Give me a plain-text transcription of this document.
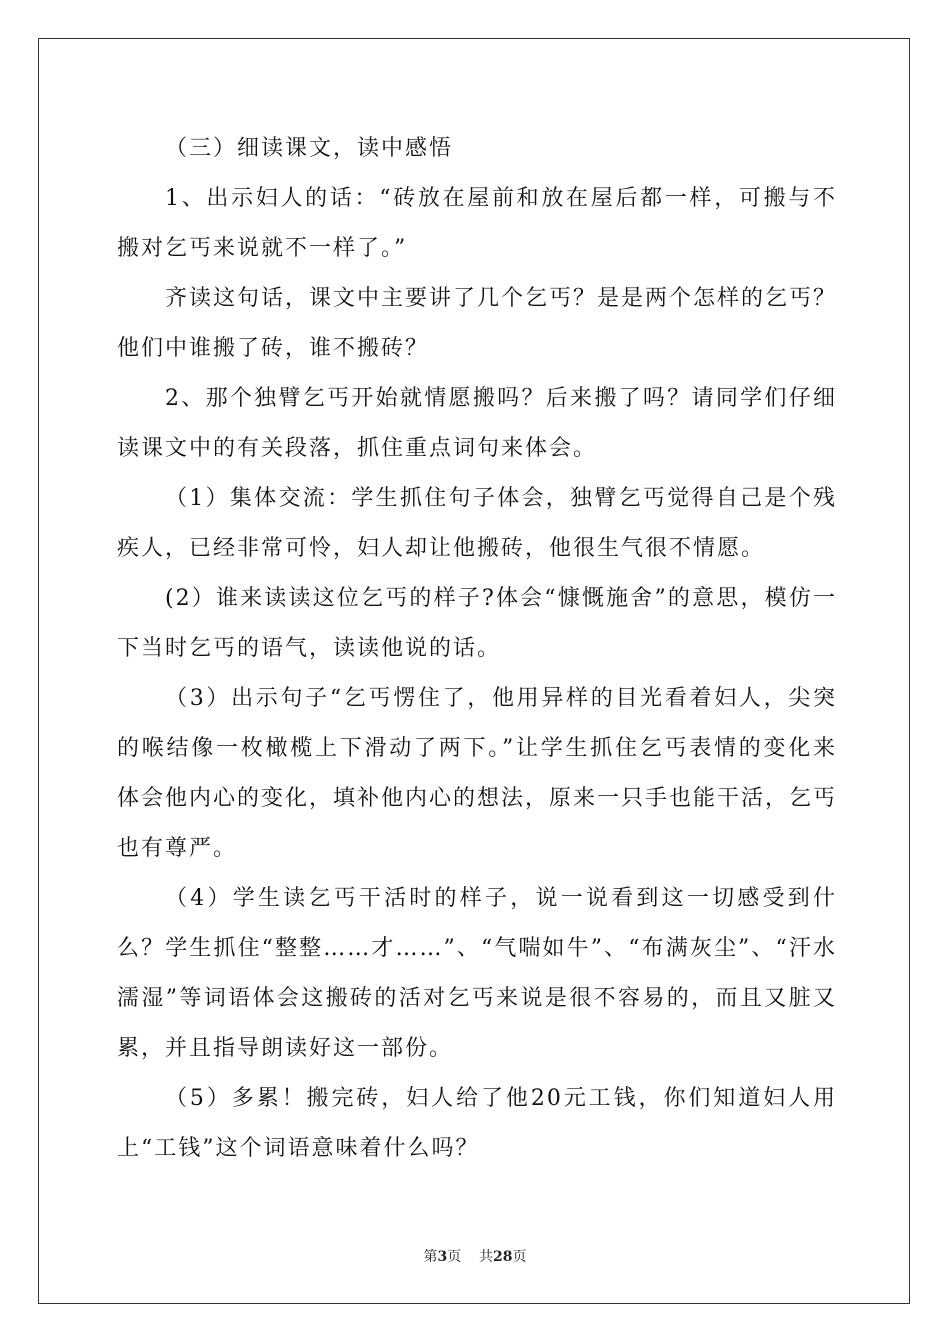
（三）细读课文，读中感悟

1、出示妇人的话：“砖放在屋前和放在屋后都一样，可搬与不搬对乞丐来说就不一样了。”

齐读这句话，课文中主要讲了几个乞丐？是是两个怎样的乞丐？他们中谁搬了砖，谁不搬砖？

2、那个独臂乞丐开始就情愿搬吗？后来搬了吗？请同学们仔细读课文中的有关段落，抓住重点词句来体会。

（1）集体交流：学生抓住句子体会，独臂乞丐觉得自己是个残疾人，已经非常可怜，妇人却让他搬砖，他很生气很不情愿。

(2）谁来读读这位乞丐的样子?体会“慷慨施舍”的意思，模仿一下当时乞丐的语气，读读他说的话。

（3）出示句子“乞丐愣住了，他用异样的目光看着妇人，尖突的喉结像一枚橄榄上下滑动了两下。”让学生抓住乞丐表情的变化来体会他内心的变化，填补他内心的想法，原来一只手也能干活，乞丐也有尊严。

（4）学生读乞丐干活时的样子，说一说看到这一切感受到什么？学生抓住“整整……才……”、“气喘如牛”、“布满灰尘”、“汗水濡湿”等词语体会这搬砖的活对乞丐来说是很不容易的，而且又脏又累，并且指导朗读好这一部份。

（5）多累！搬完砖，妇人给了他20元工钱，你们知道妇人用上“工钱”这个词语意味着什么吗？

第3页 共28页
